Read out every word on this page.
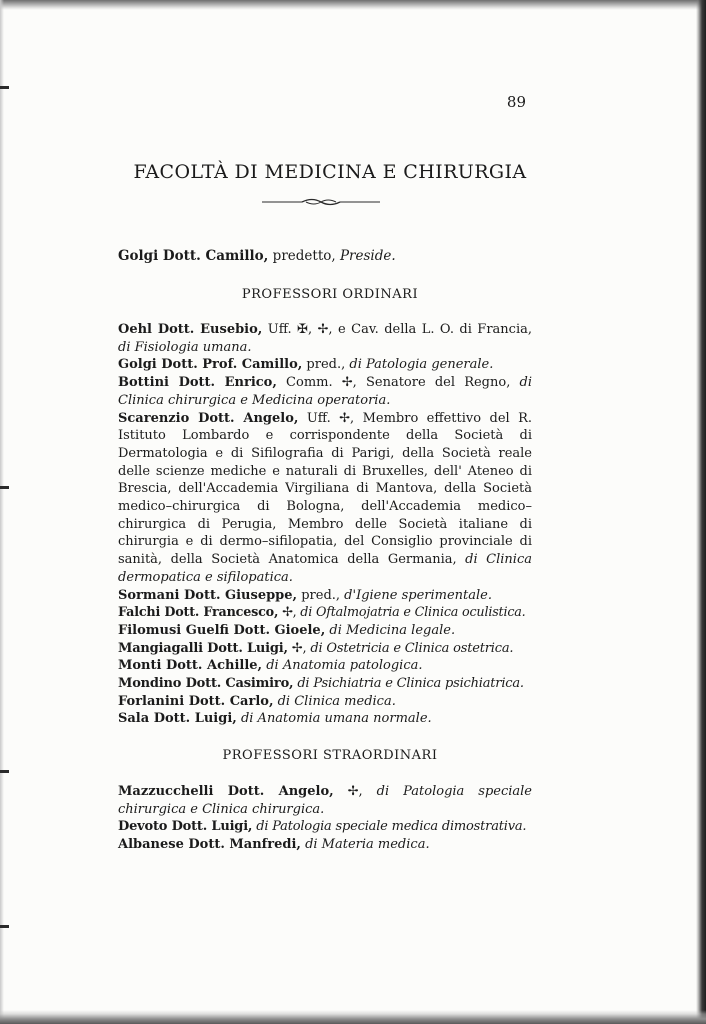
89
FACOLTÀ DI MEDICINA E CHIRURGIA
Golgi Dott. Camillo, predetto, Preside.
PROFESSORI ORDINARI

Oehl Dott. Eusebio, Uff. ✠, ✢, e Cav. della L. O. di Francia, di Fisiologia umana.

Golgi Dott. Prof. Camillo, pred., di Patologia generale.

Bottini Dott. Enrico, Comm. ✢, Senatore del Regno, di Clinica chirurgica e Medicina operatoria.

Scarenzio Dott. Angelo, Uff. ✢, Membro effettivo del R. Istituto Lombardo e corrispondente della Società di Dermatologia e di Sifilografia di Parigi, della Società reale delle scienze mediche e naturali di Bruxelles, dell' Ateneo di Brescia, dell'Accademia Virgiliana di Mantova, della Società medico–chirurgica di Bologna, dell'Accademia medico–chirurgica di Perugia, Membro delle Società italiane di chirurgia e di dermo–sifilopatia, del Consiglio provinciale di sanità, della Società Anatomica della Germania, di Clinica dermopatica e sifilopatica.

Sormani Dott. Giuseppe, pred., d'Igiene sperimentale.

Falchi Dott. Francesco, ✢, di Oftalmojatria e Clinica oculistica.

Filomusi Guelfi Dott. Gioele, di Medicina legale.

Mangiagalli Dott. Luigi, ✢, di Ostetricia e Clinica ostetrica.

Monti Dott. Achille, di Anatomia patologica.

Mondino Dott. Casimiro, di Psichiatria e Clinica psichiatrica.

Forlanini Dott. Carlo, di Clinica medica.

Sala Dott. Luigi, di Anatomia umana normale.

PROFESSORI STRAORDINARI

Mazzucchelli Dott. Angelo, ✢, di Patologia speciale chirurgica e Clinica chirurgica.

Devoto Dott. Luigi, di Patologia speciale medica dimostrativa.

Albanese Dott. Manfredi, di Materia medica.
